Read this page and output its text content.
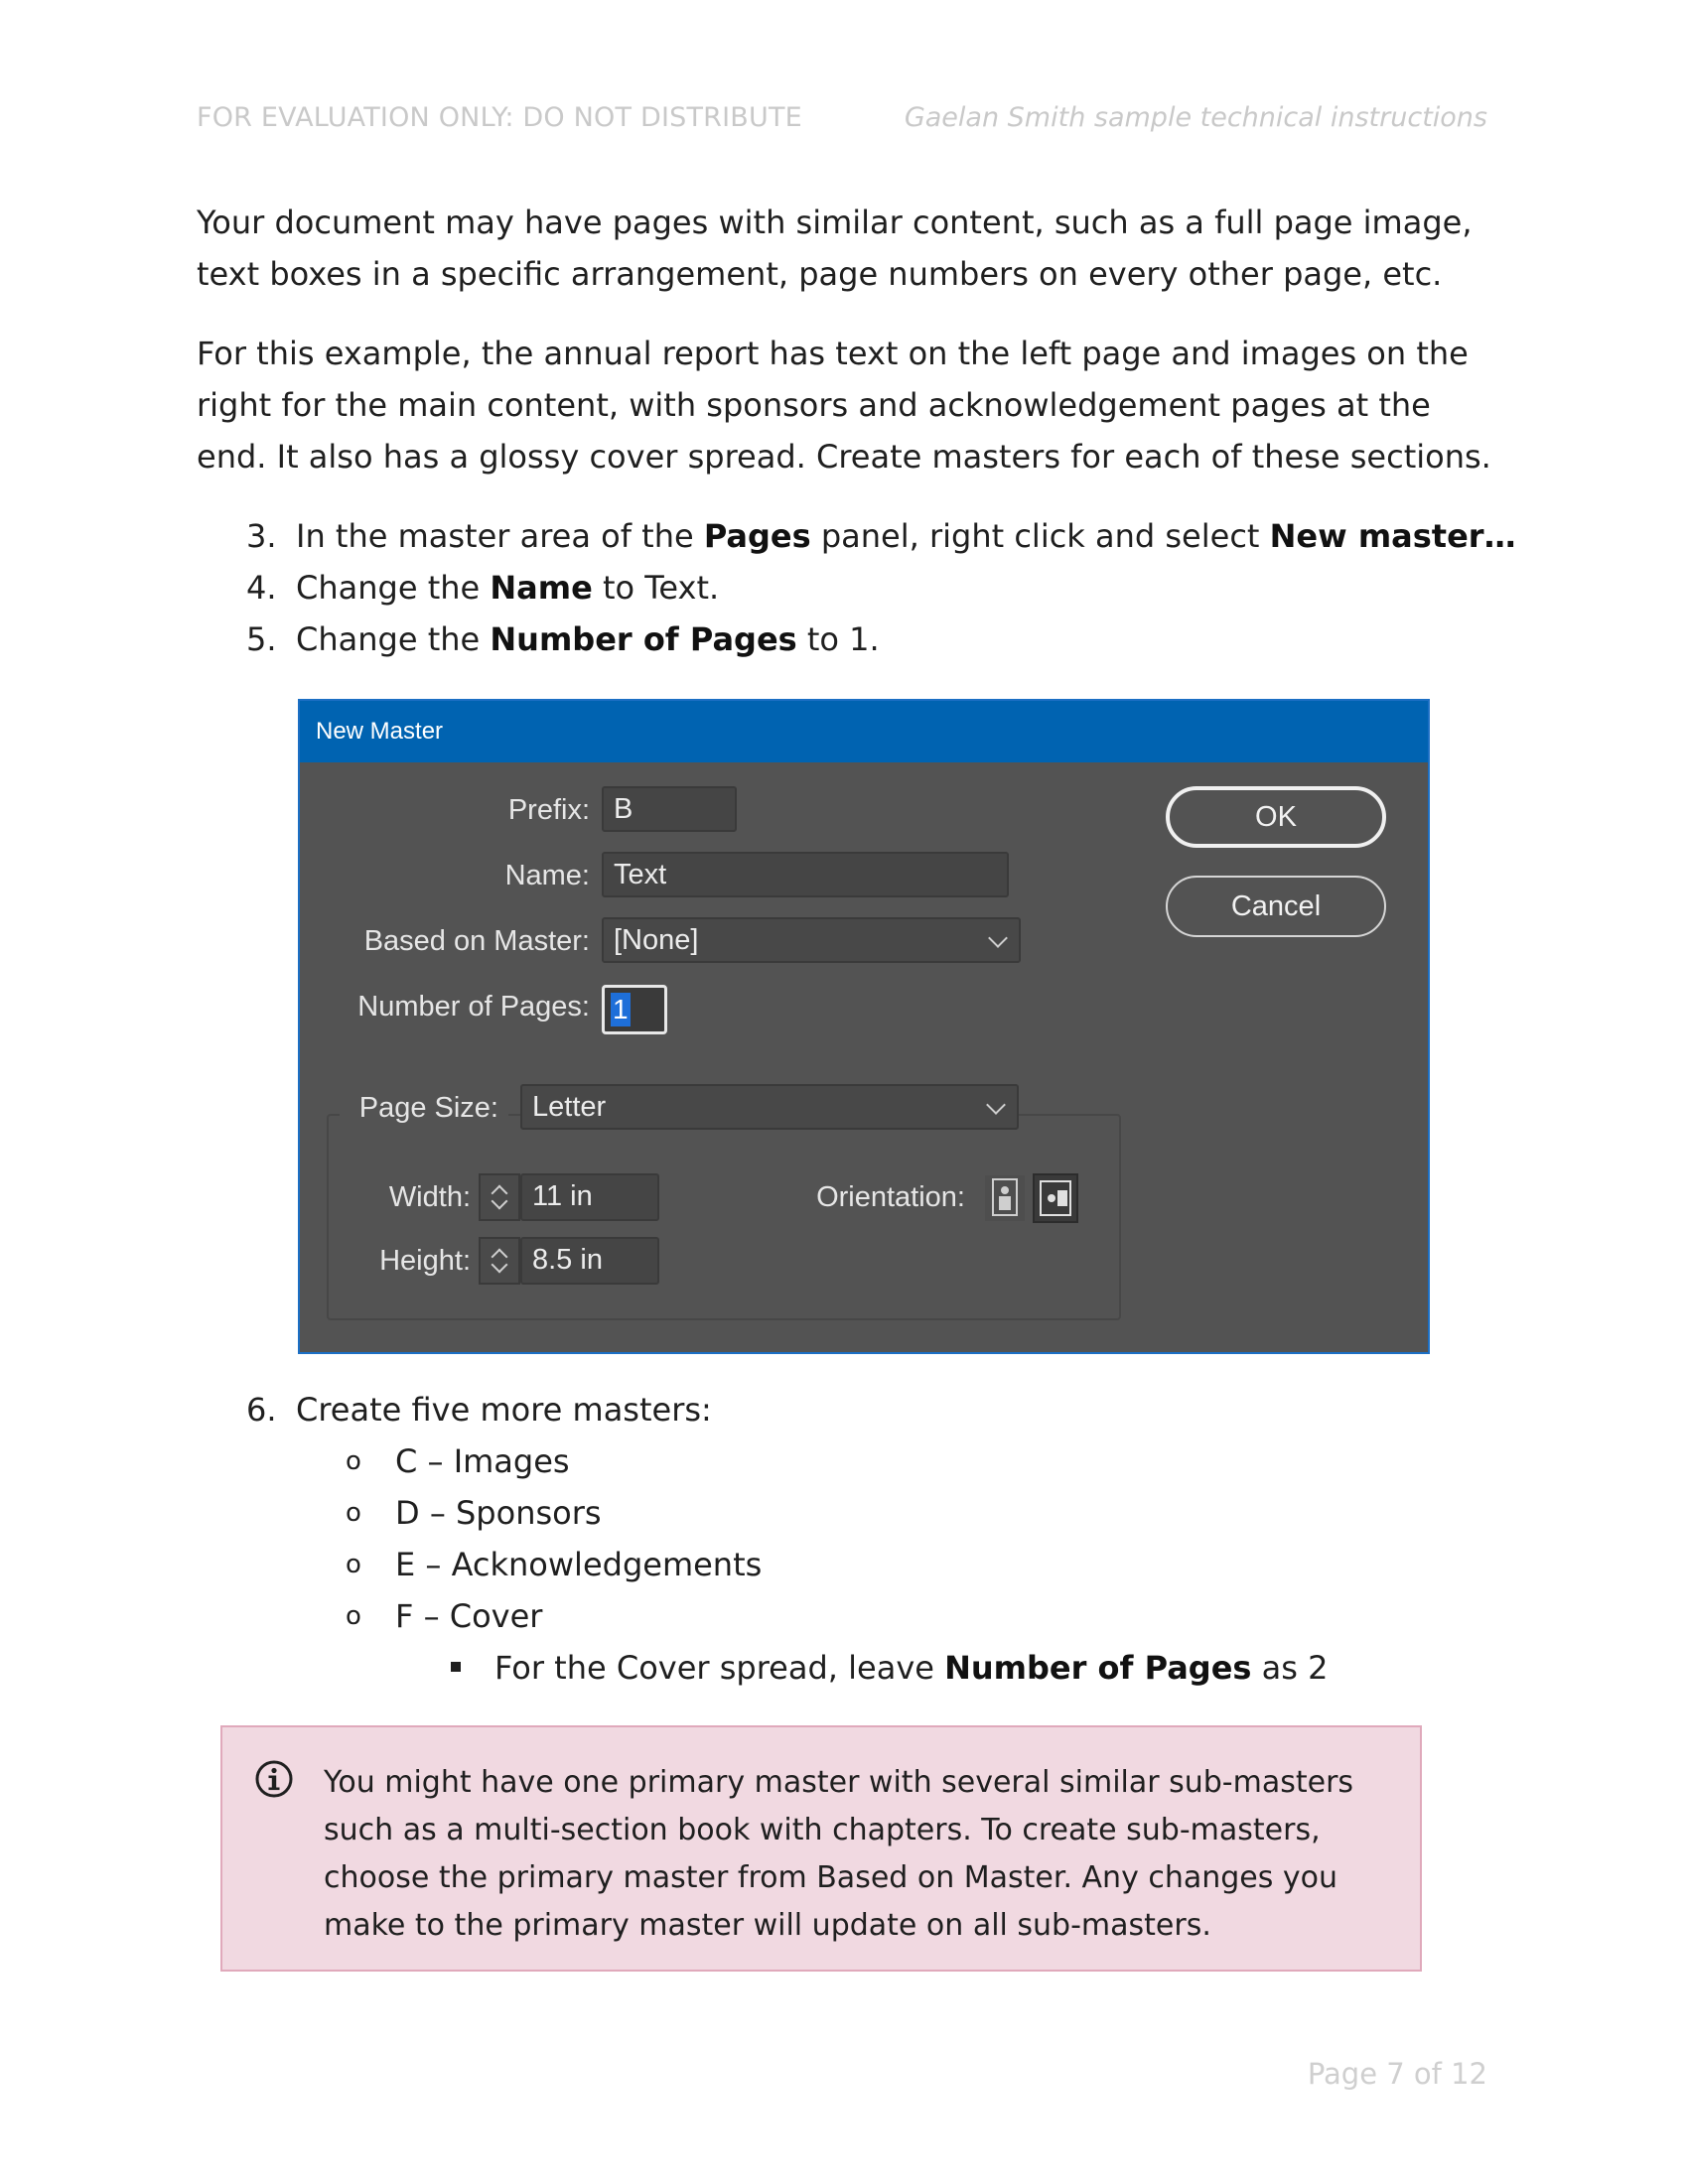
FOR EVALUATION ONLY: DO NOT DISTRIBUTE	Gaelan Smith sample technical instructions

Your document may have pages with similar content, such as a full page image, text boxes in a specific arrangement, page numbers on every other page, etc.

For this example, the annual report has text on the left page and images on the right for the main content, with sponsors and acknowledgement pages at the end. It also has a glossy cover spread. Create masters for each of these sections.

3. In the master area of the Pages panel, right click and select New master…
4. Change the Name to Text.
5. Change the Number of Pages to 1.
New Master
Prefix: B
Name: Text
Based on Master: [None]
Number of Pages: 1
Page Size:	Letter
Width:	11 in
Height:	8.5 in
Orientation:
OK
Cancel
6. Create five more masters:
o C – Images
o D – Sponsors
o E – Acknowledgements
o F – Cover
For the Cover spread, leave Number of Pages as 2
You might have one primary master with several similar sub-masters such as a multi-section book with chapters. To create sub-masters, choose the primary master from Based on Master. Any changes you make to the primary master will update on all sub-masters.
Page 7 of 12
